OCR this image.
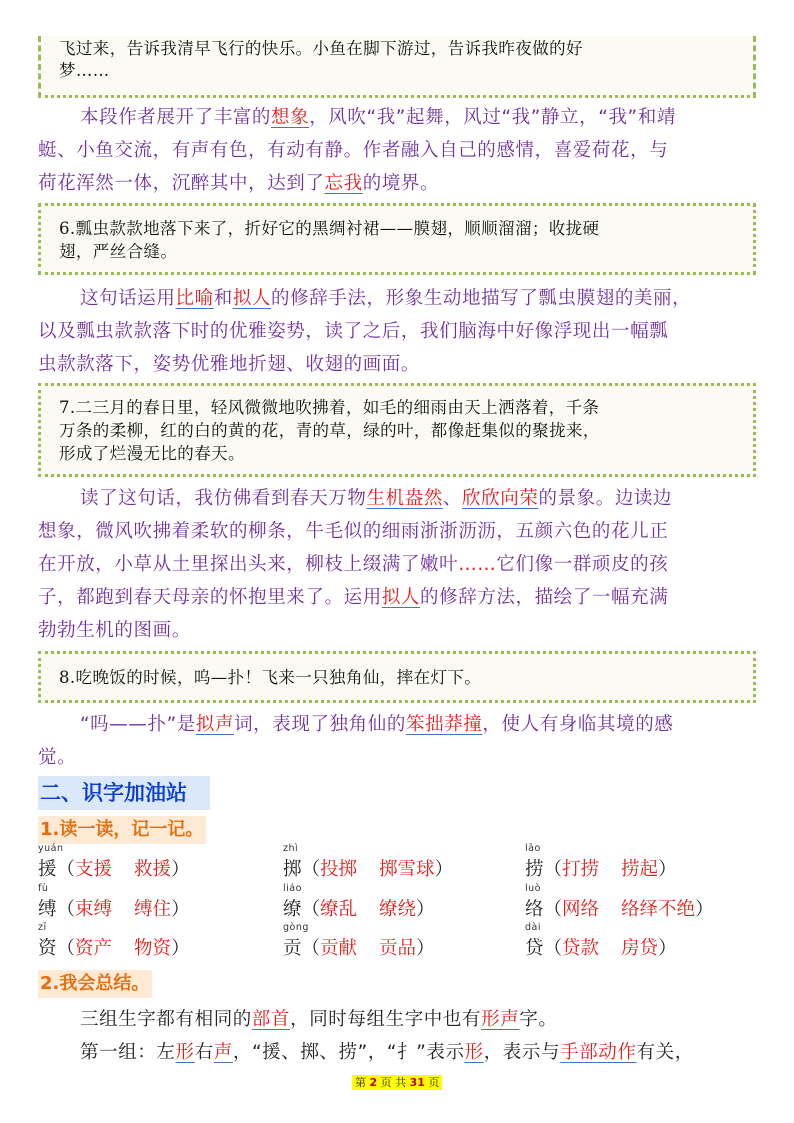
飞过来，告诉我清早飞行的快乐。小鱼在脚下游过，告诉我昨夜做的好
梦……
本段作者展开了丰富的想象，风吹“我”起舞，风过“我”静立，“我”和靖
蜓、小鱼交流，有声有色，有动有静。作者融入自己的感情，喜爱荷花，与
荷花浑然一体，沉醉其中，达到了忘我的境界。
6.瓢虫款款地落下来了，折好它的黑绸衬裙——膜翅，顺顺溜溜；收拢硬
翅，严丝合缝。
这句话运用比喻和拟人的修辞手法，形象生动地描写了瓢虫膜翅的美丽，
以及瓢虫款款落下时的优雅姿势，读了之后，我们脑海中好像浮现出一幅瓢
虫款款落下，姿势优雅地折翅、收翅的画面。
7.二三月的春日里，轻风微微地吹拂着，如毛的细雨由天上洒落着，千条
万条的柔柳，红的白的黄的花，青的草，绿的叶，都像赶集似的聚拢来，
形成了烂漫无比的春天。
读了这句话，我仿佛看到春天万物生机盎然、欣欣向荣的景象。边读边
想象，微风吹拂着柔软的柳条，牛毛似的细雨浙浙沥沥，五颜六色的花儿正
在开放，小草从土里探出头来，柳枝上缀满了嫩叶……它们像一群顽皮的孩
子，都跑到春天母亲的怀抱里来了。运用拟人的修辞方法，描绘了一幅充满
勃勃生机的图画。
8.吃晚饭的时候，呜—扑！飞来一只独角仙，摔在灯下。
“吗——扑”是拟声词，表现了独角仙的笨拙莽撞，使人有身临其境的感
觉。
二、识字加油站
1.读一读，记一记。
yuán
援（支援 救援）
zhì
掷（投掷 掷雪球）
lāo
捞（打捞 捞起）
fù
缚（束缚 缚住）
liáo
缭（缭乱 缭绕）
luò
络（网络 络绎不绝）
zī
资（资产 物资）
gòng
贡（贡献 贡品）
dài
贷（贷款 房贷）
2.我会总结。
三组生字都有相同的部首，同时每组生字中也有形声字。
第一组：左形右声，“援、掷、捞”，“扌”表示形，表示与手部动作有关，
第 2 页 共 31 页
